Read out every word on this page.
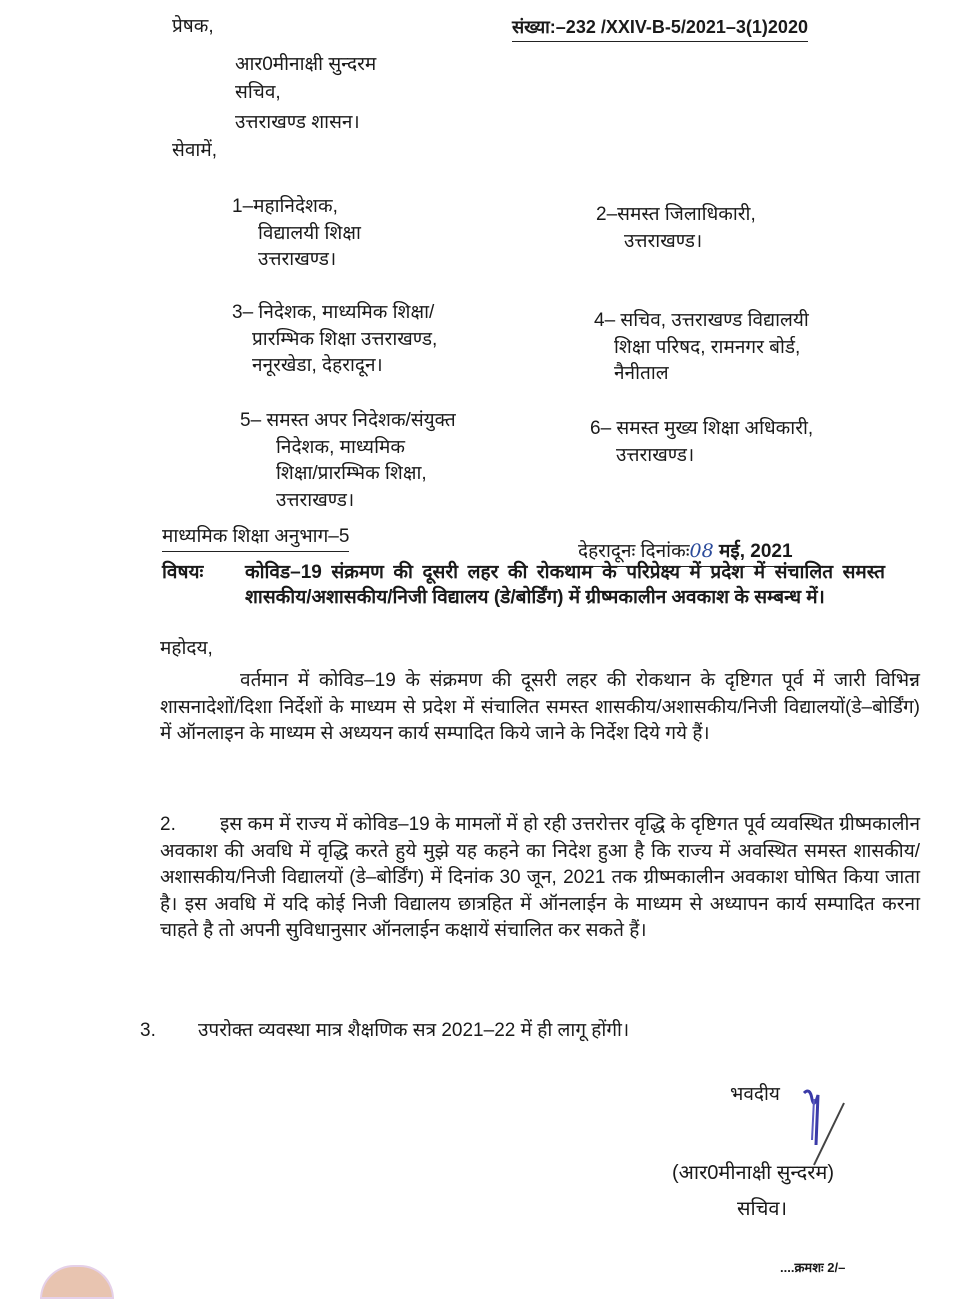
प्रेषक,	संख्या:–232 /XXIV-B-5/2021–3(1)2020
आर0मीनाक्षी सुन्दरम
सचिव,
उत्तराखण्ड शासन।
सेवामें,
1–महानिदेशक,
विद्यालयी शिक्षा
उत्तराखण्ड।
2–समस्त जिलाधिकारी,
उत्तराखण्ड।
3– निदेशक, माध्यमिक शिक्षा/
प्रारम्भिक शिक्षा उत्तराखण्ड,
ननूरखेडा, देहरादून।
4– सचिव, उत्तराखण्ड विद्यालयी
शिक्षा परिषद, रामनगर बोर्ड,
नैनीताल
5– समस्त अपर निदेशक/संयुक्त
निदेशक, माध्यमिक
शिक्षा/प्रारम्भिक शिक्षा,
उत्तराखण्ड।
6– समस्त मुख्य शिक्षा अधिकारी,
उत्तराखण्ड।
माध्यमिक शिक्षा अनुभाग–5
देहरादूनः दिनांकः08 मई, 2021
विषयः कोविड–19 संक्रमण की दूसरी लहर की रोकथाम के परिप्रेक्ष्य में प्रदेश में संचालित समस्त शासकीय/अशासकीय/निजी विद्यालय (डे/बोर्डिंग) में ग्रीष्मकालीन अवकाश के सम्बन्ध में।
महोदय,
वर्तमान में कोविड–19 के संक्रमण की दूसरी लहर की रोकथान के दृष्टिगत पूर्व में जारी विभिन्न शासनादेशों/दिशा निर्देशों के माध्यम से प्रदेश में संचालित समस्त शासकीय/अशासकीय/निजी विद्यालयों(डे–बोर्डिंग) में ऑनलाइन के माध्यम से अध्ययन कार्य सम्पादित किये जाने के निर्देश दिये गये हैं।
2. इस कम में राज्य में कोविड–19 के मामलों में हो रही उत्तरोत्तर वृद्धि के दृष्टिगत पूर्व व्यवस्थित ग्रीष्मकालीन अवकाश की अवधि में वृद्धि करते हुये मुझे यह कहने का निदेश हुआ है कि राज्य में अवस्थित समस्त शासकीय/अशासकीय/निजी विद्यालयों (डे–बोर्डिंग) में दिनांक 30 जून, 2021 तक ग्रीष्मकालीन अवकाश घोषित किया जाता है। इस अवधि में यदि कोई निजी विद्यालय छात्रहित में ऑनलाईन के माध्यम से अध्यापन कार्य सम्पादित करना चाहते है तो अपनी सुविधानुसार ऑनलाईन कक्षायें संचालित कर सकते हैं।
3. उपरोक्त व्यवस्था मात्र शैक्षणिक सत्र 2021–22 में ही लागू होंगी।
भवदीय
(आर0मीनाक्षी सुन्दरम)
सचिव।
....क्रमशः 2/–
